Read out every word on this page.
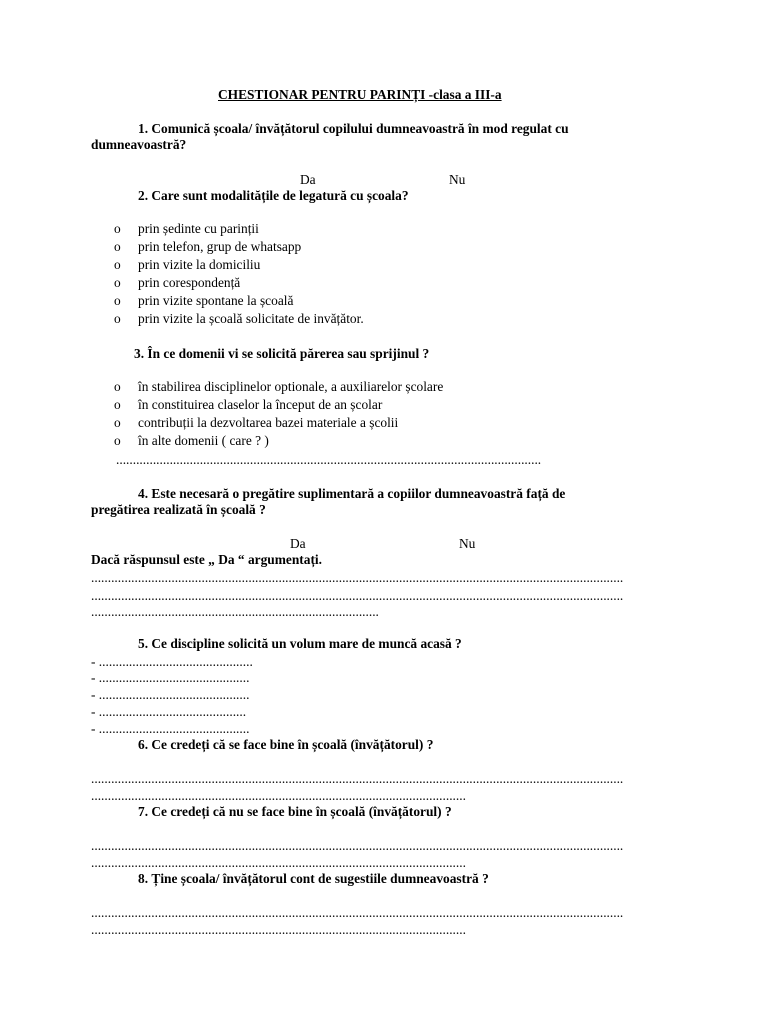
CHESTIONAR PENTRU PARINȚI -clasa a III-a
1. Comunică școala/ învățătorul copilului dumneavoastră în mod regulat cu
dumneavoastră?
Da	Nu
2. Care sunt modalitățile de legatură cu școala?
o prin ședinte cu parinții
o prin telefon, grup de whatsapp
o prin vizite la domiciliu
o prin corespondență
o prin vizite spontane la școală
o prin vizite la școală solicitate de invățător.
3. În ce domenii vi se solicită părerea sau sprijinul ?
o în stabilirea disciplinelor optionale, a auxiliarelor școlare
o în constituirea claselor la început de an școlar
o contribuții la dezvoltarea bazei materiale a școlii
o în alte domenii ( care ? )
...............................................................................................................................
4. Este necesară o pregătire suplimentară a copiilor dumneavoastră față de
pregătirea realizată în școală ?
Da	Nu
Dacă răspunsul este „ Da “ argumentați.
...............................................................................................................................................................
...............................................................................................................................................................
......................................................................................
5. Ce discipline solicită un volum mare de muncă acasă ?
- ..............................................
- .............................................
- .............................................
- ............................................
- .............................................
6. Ce credeți că se face bine în școală (învățătorul) ?
...............................................................................................................................................................
................................................................................................................
7. Ce credeți că nu se face bine în școală (învățătorul) ?
...............................................................................................................................................................
................................................................................................................
8. Ține școala/ învățătorul cont de sugestiile dumneavoastră ?
...............................................................................................................................................................
................................................................................................................
